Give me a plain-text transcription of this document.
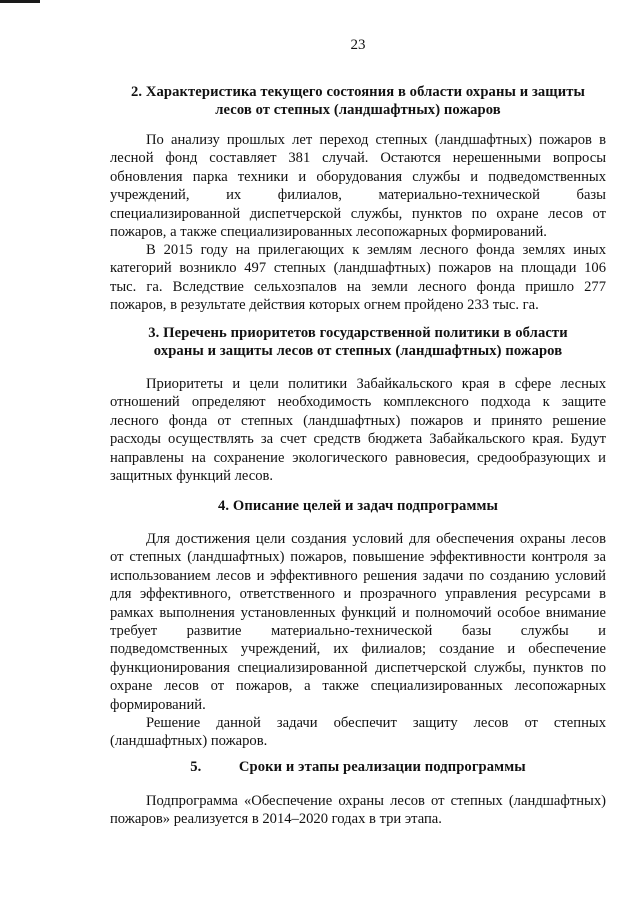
23
2. Характеристика текущего состояния в области охраны и защиты
лесов от степных (ландшафтных) пожаров

По анализу прошлых лет переход степных (ландшафтных) пожаров в
лесной фонд составляет 381 случай. Остаются нерешенными вопросы
обновления парка техники и оборудования службы и подведомственных
учреждений, их филиалов, материально-технической базы
специализированной диспетчерской службы, пунктов по охране лесов от
пожаров, а также специализированных лесопожарных формирований.

В 2015 году на прилегающих к землям лесного фонда землях иных
категорий возникло 497 степных (ландшафтных) пожаров на площади 106
тыс. га. Вследствие сельхозпалов на земли лесного фонда пришло 277
пожаров, в результате действия которых огнем пройдено 233 тыс. га.

3. Перечень приоритетов государственной политики в области
охраны и защиты лесов от степных (ландшафтных) пожаров

Приоритеты и цели политики Забайкальского края в сфере лесных
отношений определяют необходимость комплексного подхода к защите
лесного фонда от степных (ландшафтных) пожаров и принято решение
расходы осуществлять за счет средств бюджета Забайкальского края. Будут
направлены на сохранение экологического равновесия, средообразующих и
защитных функций лесов.

4. Описание целей и задач подпрограммы

Для достижения цели создания условий для обеспечения охраны лесов
от степных (ландшафтных) пожаров, повышение эффективности контроля за
использованием лесов и эффективного решения задачи по созданию условий
для эффективного, ответственного и прозрачного управления ресурсами в
рамках выполнения установленных функций и полномочий особое внимание
требует развитие материально-технической базы службы и
подведомственных учреждений, их филиалов; создание и обеспечение
функционирования специализированной диспетчерской службы, пунктов по
охране лесов от пожаров, а также специализированных лесопожарных
формирований.

Решение данной задачи обеспечит защиту лесов от степных
(ландшафтных) пожаров.

5.          Сроки и этапы реализации подпрограммы

Подпрограмма «Обеспечение охраны лесов от степных (ландшафтных)
пожаров» реализуется в 2014–2020 годах в три этапа.
